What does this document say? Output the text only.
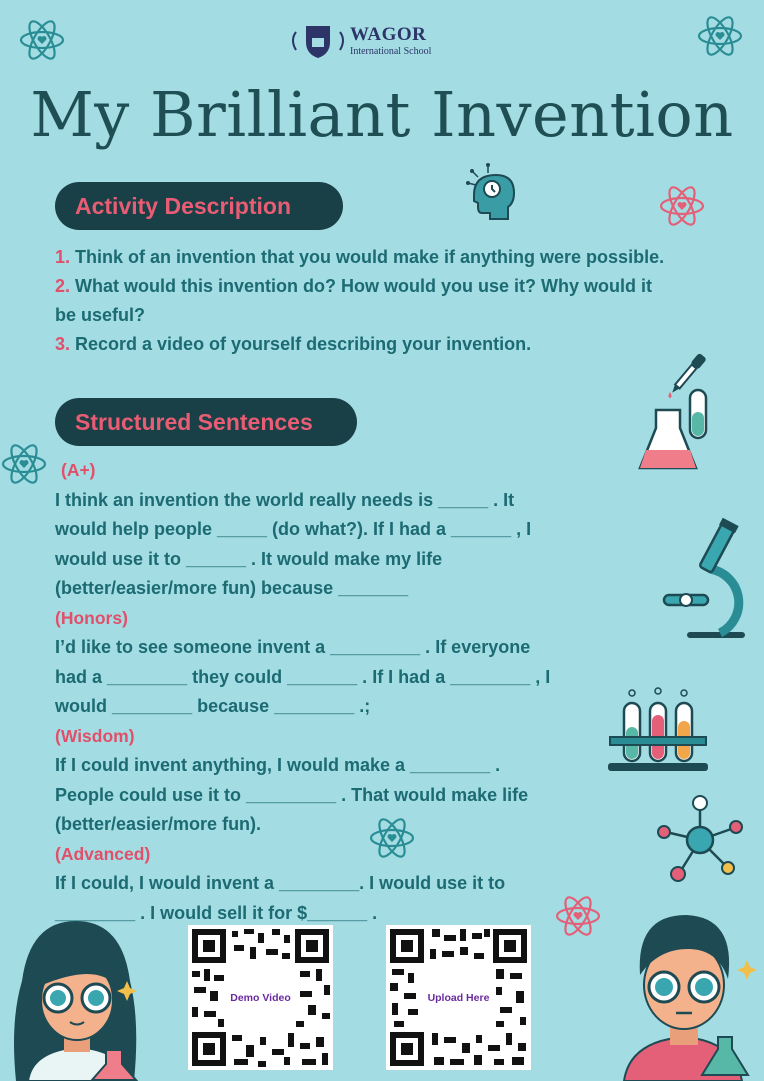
WAGOR
International School
My Brilliant Invention
Activity Description
1. Think of an invention that you would make if anything were possible.
2. What would this invention do? How would you use it? Why would it be useful?
3. Record a video of yourself describing your invention.
Structured Sentences
(A+)
I think an invention the world really needs is _____ . It
would help people _____ (do what?). If I had a ______ , I
would use it to ______ . It would make my life
(better/easier/more fun) because _______
(Honors)
I’d like to see someone invent a _________ . If everyone
had a ________ they could _______ . If I had a ________ , I
would ________ because ________ .;
(Wisdom)
If I could invent anything, I would make a ________ .
People could use it to _________ . That would make life
(better/easier/more fun).
(Advanced)
If I could, I would invent a ________. I would use it to
________ . I would sell it for $______ .
Demo Video	Upload Here
